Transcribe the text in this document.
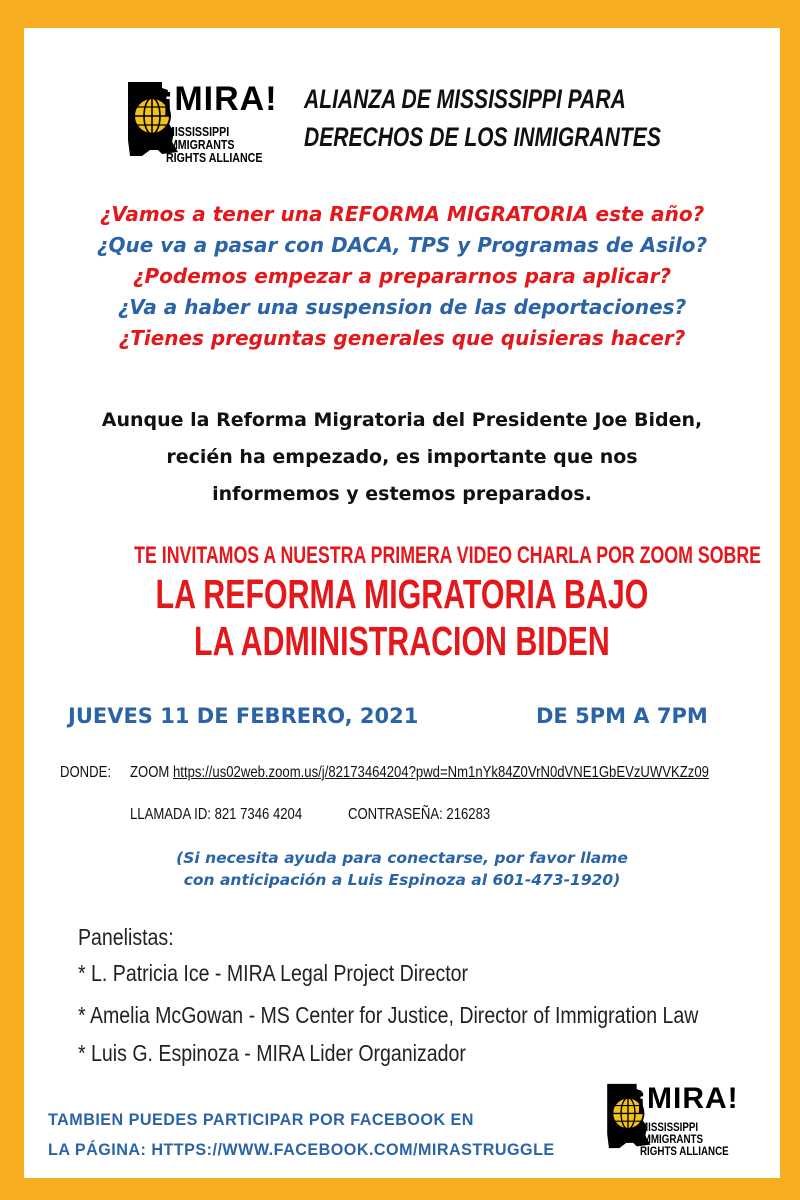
¡MIRA!
MISSISSIPPI IMMIGRANTS
RIGHTS ALLIANCE
ALIANZA DE MISSISSIPPI PARA
DERECHOS DE LOS INMIGRANTES
¿Vamos a tener una REFORMA MIGRATORIA este año?
¿Que va a pasar con DACA, TPS y Programas de Asilo?
¿Podemos empezar a prepararnos para aplicar?
¿Va a haber una suspension de las deportaciones?
¿Tienes preguntas generales que quisieras hacer?
Aunque la Reforma Migratoria del Presidente Joe Biden,
recién ha empezado, es importante que nos
informemos y estemos preparados.
TE INVITAMOS A NUESTRA PRIMERA VIDEO CHARLA POR ZOOM SOBRE
LA REFORMA MIGRATORIA BAJO
LA ADMINISTRACION BIDEN
JUEVES 11 DE FEBRERO, 2021	DE 5PM A 7PM
DONDE: ZOOM https://us02web.zoom.us/j/82173464204?pwd=Nm1nYk84Z0VrN0dVNE1GbEVzUWVKZz09
LLAMADA ID: 821 7346 4204	CONTRASEÑA: 216283
(Si necesita ayuda para conectarse, por favor llame
con anticipación a Luis Espinoza al 601-473-1920)
Panelistas:
* L. Patricia Ice - MIRA Legal Project Director
* Amelia McGowan - MS Center for Justice, Director of Immigration Law
* Luis G. Espinoza - MIRA Lider Organizador
TAMBIEN PUEDES PARTICIPAR POR FACEBOOK EN
LA PÁGINA: HTTPS://WWW.FACEBOOK.COM/MIRASTRUGGLE
¡MIRA!
MISSISSIPPI IMMIGRANTS
RIGHTS ALLIANCE
